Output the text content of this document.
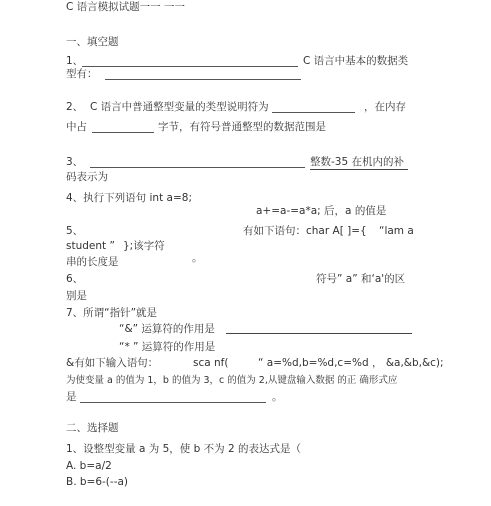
C 语言模拟试题一一 一一
一、填空题
1、	C 语言中基本的数据类
型有：
2、 C 语言中普通整型变量的类型说明符为	，在内存
中占	字节，有符号普通整型的数据范围是
3、	整数-35 在机内的补
码表示为
4、执行下列语句 int a=8;
a+=a-=a*a; 后，a 的值是
5、	有如下语句：char A[ ]={ “lam a
student ” };该字符
串的长度是	。
6、	符号” a” 和‘a'的区
别是
7、所谓“指针”就是
“&” 运算符的作用是
“* ” 运算符的作用是
&有如下输入语句：	sca nf(	“ a=%d,b=%d,c=%d ， &a,&b,&c);
为使变量 a 的值为 1，b 的值为 3，c 的值为 2,从键盘输入数据 的正 确形式应
是	。
二、选择题
1、设整型变量 a 为 5，使 b 不为 2 的表达式是（
A. b=a/2
B. b=6-(--a)
